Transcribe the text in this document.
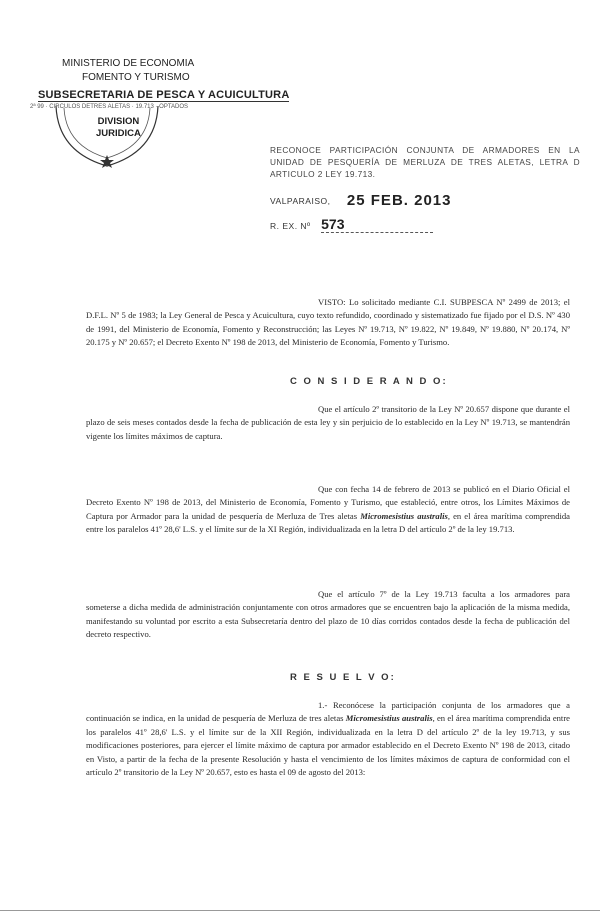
MINISTERIO DE ECONOMIA
FOMENTO Y TURISMO
SUBSECRETARIA DE PESCA Y ACUICULTURA
2ª 99 · CIRCULOS DETRES ALETAS · 19.713 · OPTADOS
DIVISION
JURIDICA
RECONOCE PARTICIPACIÓN CONJUNTA DE ARMADORES EN LA UNIDAD DE PESQUERÍA DE MERLUZA DE TRES ALETAS, LETRA D ARTICULO 2 LEY 19.713.
VALPARAISO, 25 FEB. 2013
R. EX. Nº 573
VISTO: Lo solicitado mediante C.I. SUBPESCA Nº 2499 de 2013; el D.F.L. Nº 5 de 1983; la Ley General de Pesca y Acuicultura, cuyo texto refundido, coordinado y sistematizado fue fijado por el D.S. Nº 430 de 1991, del Ministerio de Economía, Fomento y Reconstrucción; las Leyes Nº 19.713, Nº 19.822, Nº 19.849, Nº 19.880, Nº 20.174, Nº 20.175 y Nº 20.657; el Decreto Exento Nº 198 de 2013, del Ministerio de Economía, Fomento y Turismo.
C O N S I D E R A N D O:
Que el artículo 2º transitorio de la Ley Nº 20.657 dispone que durante el plazo de seis meses contados desde la fecha de publicación de esta ley y sin perjuicio de lo establecido en la Ley Nº 19.713, se mantendrán vigente los límites máximos de captura.
Que con fecha 14 de febrero de 2013 se publicó en el Diario Oficial el Decreto Exento Nº 198 de 2013, del Ministerio de Economía, Fomento y Turismo, que estableció, entre otros, los Límites Máximos de Captura por Armador para la unidad de pesquería de Merluza de Tres aletas Micromesistius australis, en el área marítima comprendida entre los paralelos 41º 28,6' L.S. y el límite sur de la XI Región, individualizada en la letra D del artículo 2º de la ley 19.713.
Que el artículo 7º de la Ley 19.713 faculta a los armadores para someterse a dicha medida de administración conjuntamente con otros armadores que se encuentren bajo la aplicación de la misma medida, manifestando su voluntad por escrito a esta Subsecretaría dentro del plazo de 10 días corridos contados desde la fecha de publicación del decreto respectivo.
R E S U E L V O:
1.- Reconócese la participación conjunta de los armadores que a continuación se indica, en la unidad de pesquería de Merluza de tres aletas Micromesistius australis, en el área marítima comprendida entre los paralelos 41º 28,6' L.S. y el límite sur de la XII Región, individualizada en la letra D del artículo 2º de la ley 19.713, y sus modificaciones posteriores, para ejercer el límite máximo de captura por armador establecido en el Decreto Exento Nº 198 de 2013, citado en Visto, a partir de la fecha de la presente Resolución y hasta el vencimiento de los límites máximos de captura de conformidad con el artículo 2º transitorio de la Ley Nº 20.657, esto es hasta el 09 de agosto del 2013:
